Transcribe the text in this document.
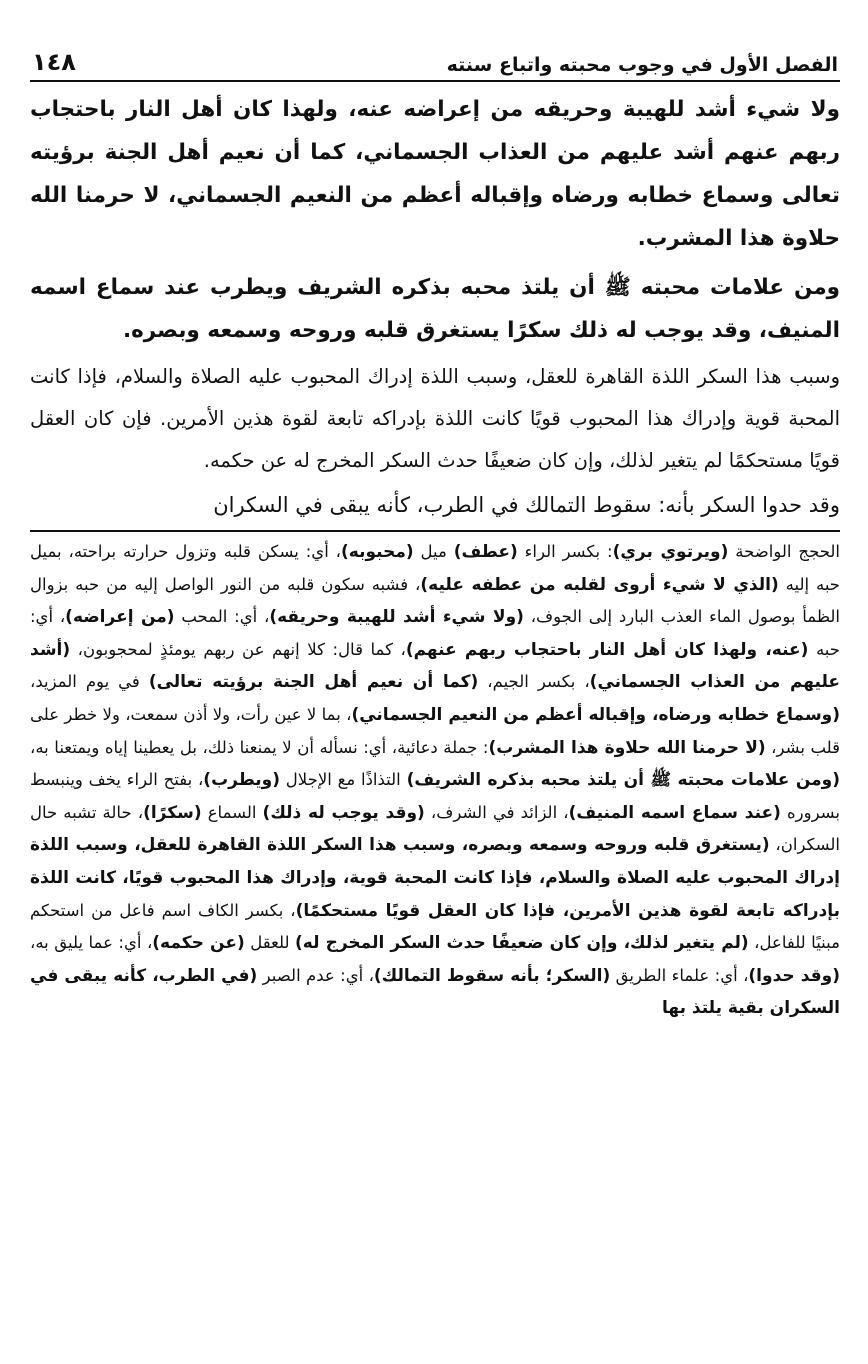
الفصل الأول في وجوب محبته واتباع سنته
١٤٨

ولا شيء أشد للهيبة وحريقه من إعراضه عنه، ولهذا كان أهل النار باحتجاب ربهم عنهم أشد عليهم من العذاب الجسماني، كما أن نعيم أهل الجنة برؤيته تعالى وسماع خطابه ورضاه وإقباله أعظم من النعيم الجسماني، لا حرمنا الله حلاوة هذا المشرب.

ومن علامات محبته ﷺ أن يلتذ محبه بذكره الشريف ويطرب عند سماع اسمه المنيف، وقد يوجب له ذلك سكرًا يستغرق قلبه وروحه وسمعه وبصره.

وسبب هذا السكر اللذة القاهرة للعقل، وسبب اللذة إدراك المحبوب عليه الصلاة والسلام، فإذا كانت المحبة قوية وإدراك هذا المحبوب قويًا كانت اللذة بإدراكه تابعة لقوة هذين الأمرين. فإن كان العقل قويًا مستحكمًا لم يتغير لذلك، وإن كان ضعيفًا حدث السكر المخرج له عن حكمه.

وقد حدوا السكر بأنه: سقوط التمالك في الطرب، كأنه يبقى في السكران

الحجج الواضحة (ويرتوي بري): بكسر الراء (عطف) ميل (محبوبه)، أي: يسكن قلبه وتزول حرارته براحته، بميل حبه إليه (الذي لا شيء أروى لقلبه من عطفه عليه)، فشبه سكون قلبه من النور الواصل إليه من حبه بزوال الظمأ بوصول الماء العذب البارد إلى الجوف، (ولا شيء أشد للهيبة وحريقه)، أي: المحب (من إعراضه)، أي: حبه (عنه، ولهذا كان أهل النار باحتجاب ربهم عنهم)، كما قال: كلا إنهم عن ربهم يومئذٍ لمحجوبون، (أشد عليهم من العذاب الجسماني)، بكسر الجيم، (كما أن نعيم أهل الجنة برؤيته تعالى) في يوم المزيد، (وسماع خطابه ورضاه، وإقباله أعظم من النعيم الجسماني)، بما لا عين رأت، ولا أذن سمعت، ولا خطر على قلب بشر، (لا حرمنا الله حلاوة هذا المشرب): جملة دعائية، أي: نسأله أن لا يمنعنا ذلك، بل يعطينا إياه ويمتعنا به، (ومن علامات محبته ﷺ أن يلتذ محبه بذكره الشريف) التذاذًا مع الإجلال (ويطرب)، بفتح الراء يخف وينبسط بسروره (عند سماع اسمه المنيف)، الزائد في الشرف، (وقد يوجب له ذلك) السماع (سكرًا)، حالة تشبه حال السكران، (يستغرق قلبه وروحه وسمعه وبصره، وسبب هذا السكر اللذة القاهرة للعقل، وسبب اللذة إدراك المحبوب عليه الصلاة والسلام، فإذا كانت المحبة قوية، وإدراك هذا المحبوب قويًا، كانت اللذة بإدراكه تابعة لقوة هذين الأمرين، فإذا كان العقل قويًا مستحكمًا)، بكسر الكاف اسم فاعل من استحكم مبنيًا للفاعل، (لم يتغير لذلك، وإن كان ضعيفًا حدث السكر المخرج له) للعقل (عن حكمه)، أي: عما يليق به، (وقد حدوا)، أي: علماء الطريق (السكر؛ بأنه سقوط التمالك)، أي: عدم الصبر (في الطرب، كأنه يبقى في السكران بقية يلتذ بها
